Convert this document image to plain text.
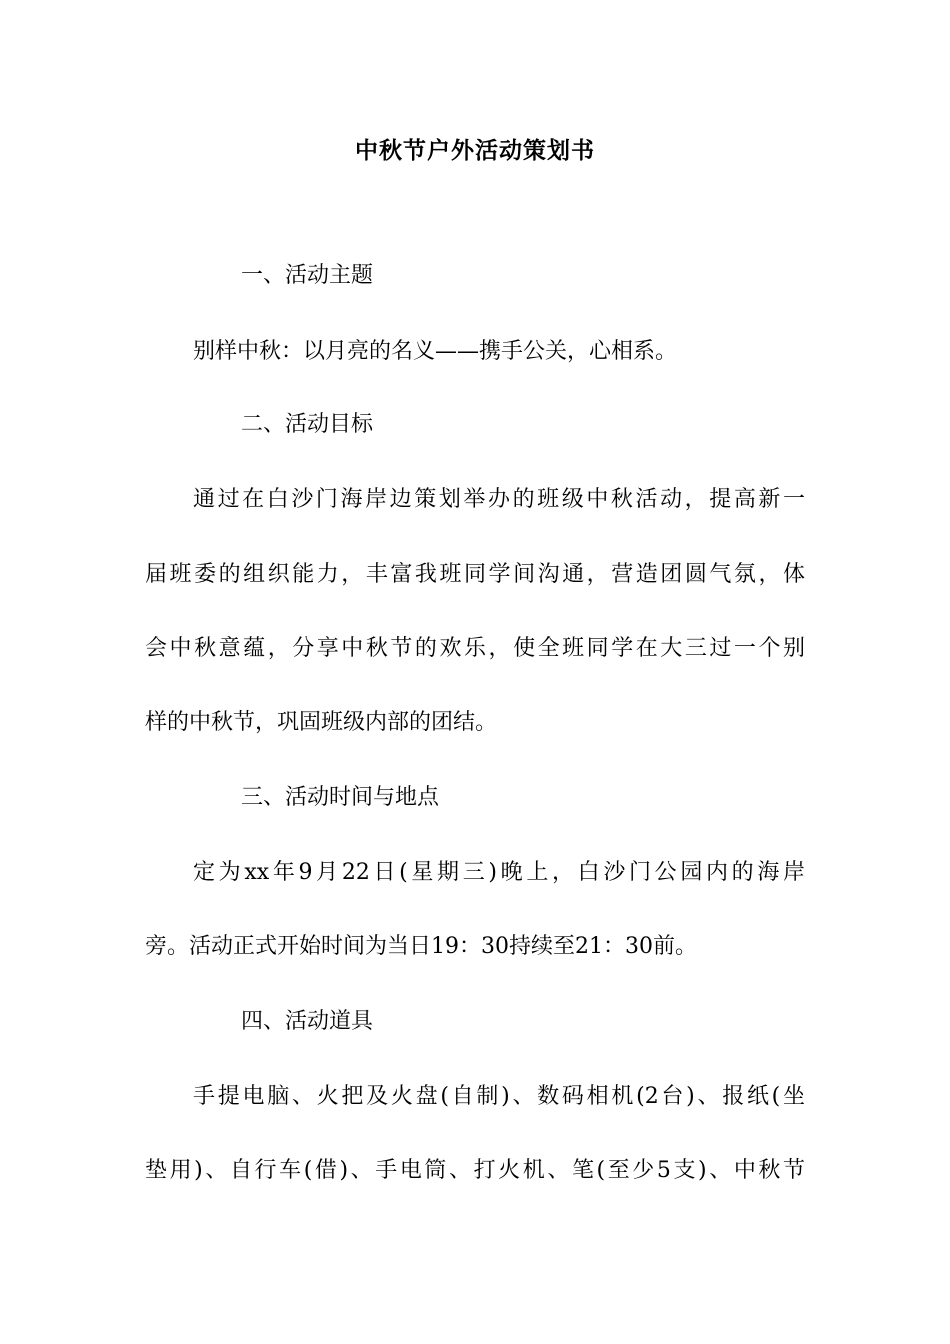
中秋节户外活动策划书
一、活动主题
别样中秋：以月亮的名义——携手公关，心相系。
二、活动目标
通过在白沙门海岸边策划举办的班级中秋活动，提高新一
届班委的组织能力，丰富我班同学间沟通，营造团圆气氛，体
会中秋意蕴，分享中秋节的欢乐，使全班同学在大三过一个别
样的中秋节，巩固班级内部的团结。
三、活动时间与地点
定为xx年9月22日(星期三)晚上，白沙门公园内的海岸
旁。活动正式开始时间为当日19：30持续至21：30前。
四、活动道具
手提电脑、火把及火盘(自制)、数码相机(2台)、报纸(坐
垫用)、自行车(借)、手电筒、打火机、笔(至少5支)、中秋节
